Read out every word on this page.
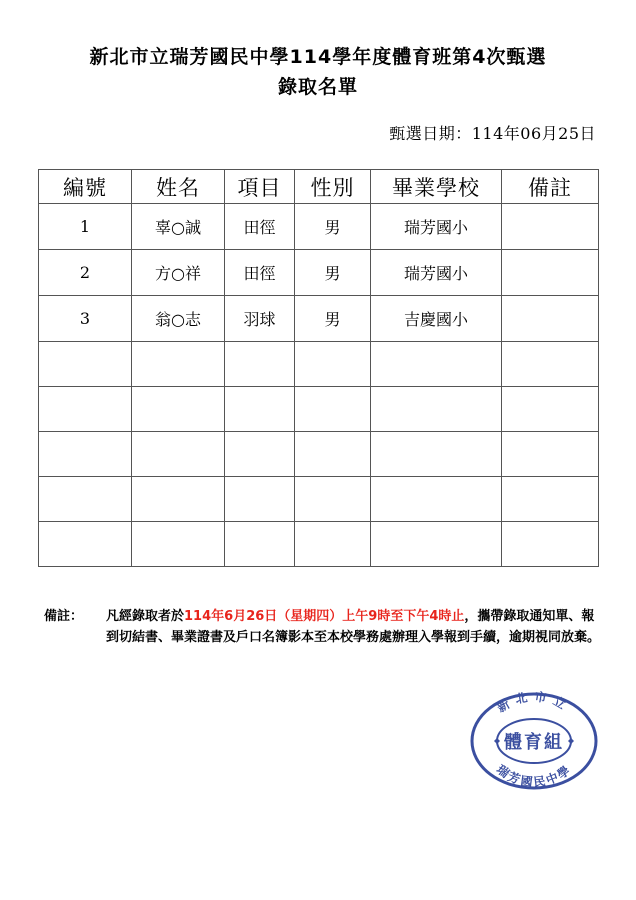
新北市立瑞芳國民中學114學年度體育班第4次甄選
錄取名單
甄選日期：114年06月25日
編號	姓名	項目	性別	畢業學校	備註
1	辜○誠	田徑	男	瑞芳國小	
2	方○祥	田徑	男	瑞芳國小	
3	翁○志	羽球	男	吉慶國小	

備註： 凡經錄取者於114年6月26日（星期四）上午9時至下午4時止，攜帶錄取通知單、報到切結書、畢業證書及戶口名簿影本至本校學務處辦理入學報到手續，逾期視同放棄。
新北市立
體育組
瑞芳國民中學
